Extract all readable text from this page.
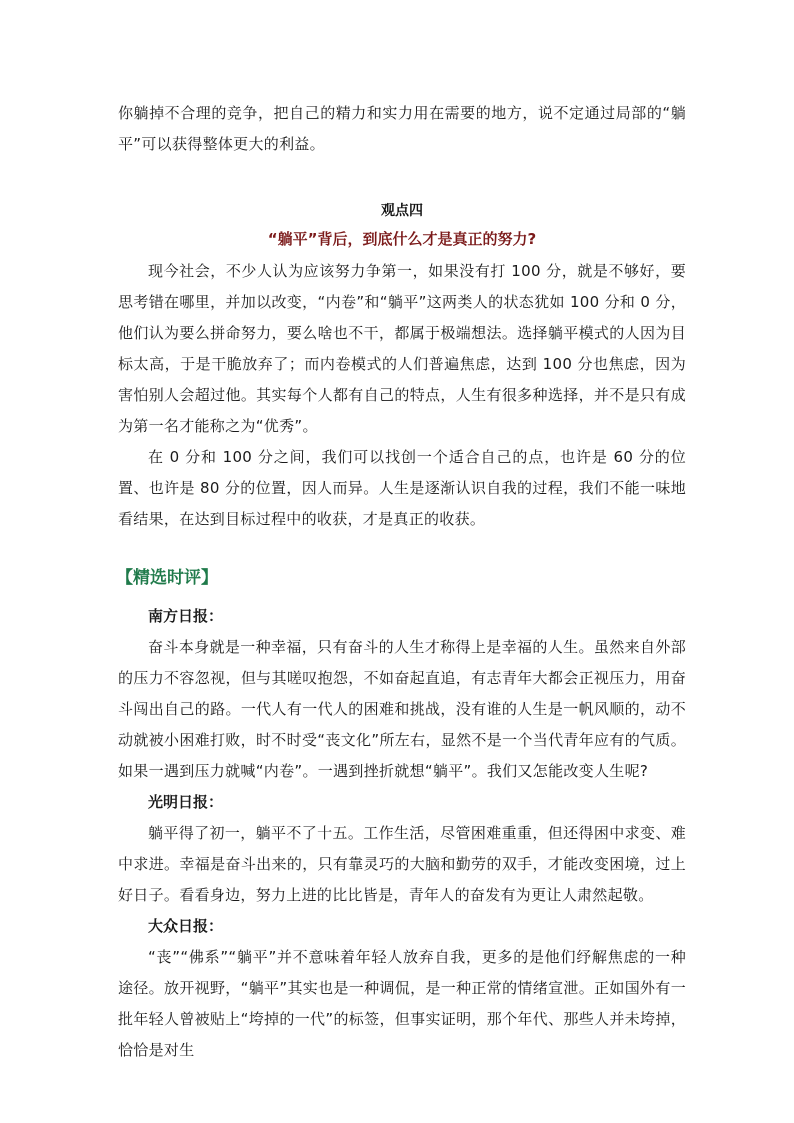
你躺掉不合理的竞争，把自己的精力和实力用在需要的地方，说不定通过局部的“躺平”可以获得整体更大的利益。

观点四
“躺平”背后，到底什么才是真正的努力?

现今社会，不少人认为应该努力争第一，如果没有打 100 分，就是不够好，要思考错在哪里，并加以改变，“内卷”和“躺平”这两类人的状态犹如 100 分和 0 分，他们认为要么拼命努力，要么啥也不干，都属于极端想法。选择躺平模式的人因为目标太高，于是干脆放弃了；而内卷模式的人们普遍焦虑，达到 100 分也焦虑，因为害怕别人会超过他。其实每个人都有自己的特点，人生有很多种选择，并不是只有成为第一名才能称之为“优秀”。

在 0 分和 100 分之间，我们可以找创一个适合自己的点，也许是 60 分的位置、也许是 80 分的位置，因人而异。人生是逐渐认识自我的过程，我们不能一味地看结果，在达到目标过程中的收获，才是真正的收获。

【精选时评】
南方日报：

奋斗本身就是一种幸福，只有奋斗的人生才称得上是幸福的人生。虽然来自外部的压力不容忽视，但与其嗟叹抱怨，不如奋起直追，有志青年大都会正视压力，用奋斗闯出自己的路。一代人有一代人的困难和挑战，没有谁的人生是一帆风顺的，动不动就被小困难打败，时不时受“丧文化”所左右，显然不是一个当代青年应有的气质。如果一遇到压力就喊“内卷”。一遇到挫折就想“躺平”。我们又怎能改变人生呢?

光明日报：

躺平得了初一，躺平不了十五。工作生活，尽管困难重重，但还得困中求变、难中求进。幸福是奋斗出来的，只有靠灵巧的大脑和勤劳的双手，才能改变困境，过上好日子。看看身边，努力上进的比比皆是，青年人的奋发有为更让人肃然起敬。

大众日报：

“丧”“佛系”“躺平”并不意味着年轻人放弃自我，更多的是他们纾解焦虑的一种途径。放开视野，“躺平”其实也是一种调侃，是一种正常的情绪宣泄。正如国外有一批年轻人曾被贴上“垮掉的一代”的标签，但事实证明，那个年代、那些人并未垮掉，恰恰是对生
